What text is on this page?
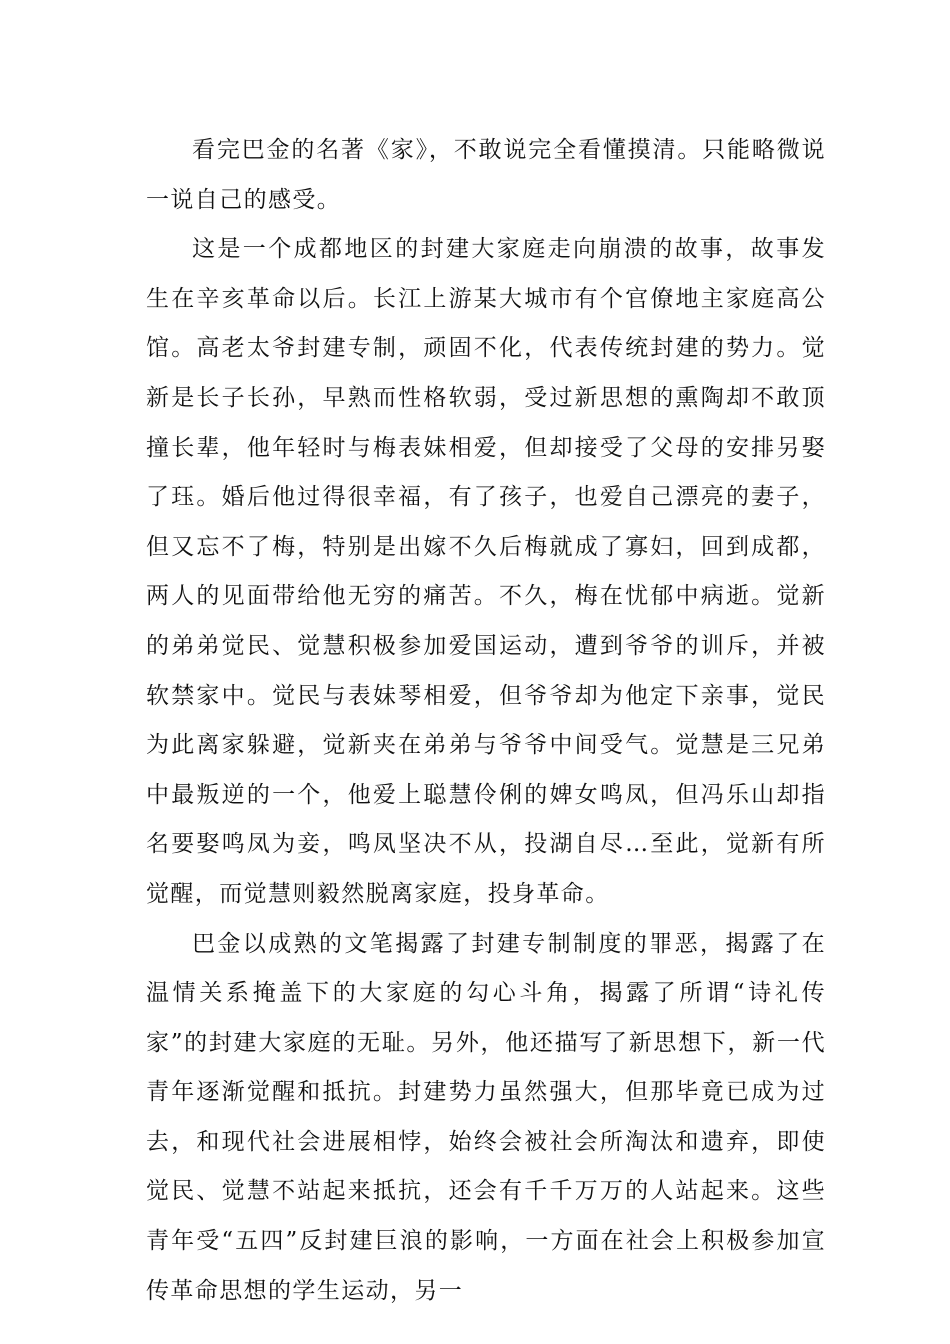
看完巴金的名著《家》，不敢说完全看懂摸清。只能略微说一说自己的感受。

这是一个成都地区的封建大家庭走向崩溃的故事，故事发生在辛亥革命以后。长江上游某大城市有个官僚地主家庭高公馆。高老太爷封建专制，顽固不化，代表传统封建的势力。觉新是长子长孙，早熟而性格软弱，受过新思想的熏陶却不敢顶撞长辈，他年轻时与梅表妹相爱，但却接受了父母的安排另娶了珏。婚后他过得很幸福，有了孩子，也爱自己漂亮的妻子，但又忘不了梅，特别是出嫁不久后梅就成了寡妇，回到成都，两人的见面带给他无穷的痛苦。不久，梅在忧郁中病逝。觉新的弟弟觉民、觉慧积极参加爱国运动，遭到爷爷的训斥，并被软禁家中。觉民与表妹琴相爱，但爷爷却为他定下亲事，觉民为此离家躲避，觉新夹在弟弟与爷爷中间受气。觉慧是三兄弟中最叛逆的一个，他爱上聪慧伶俐的婢女鸣凤，但冯乐山却指名要娶鸣凤为妾，鸣凤坚决不从，投湖自尽…至此，觉新有所觉醒，而觉慧则毅然脱离家庭，投身革命。

巴金以成熟的文笔揭露了封建专制制度的罪恶，揭露了在温情关系掩盖下的大家庭的勾心斗角，揭露了所谓“诗礼传家”的封建大家庭的无耻。另外，他还描写了新思想下，新一代青年逐渐觉醒和抵抗。封建势力虽然强大，但那毕竟已成为过去，和现代社会进展相悖，始终会被社会所淘汰和遗弃，即使觉民、觉慧不站起来抵抗，还会有千千万万的人站起来。这些青年受“五四”反封建巨浪的影响，一方面在社会上积极参加宣传革命思想的学生运动，另一
